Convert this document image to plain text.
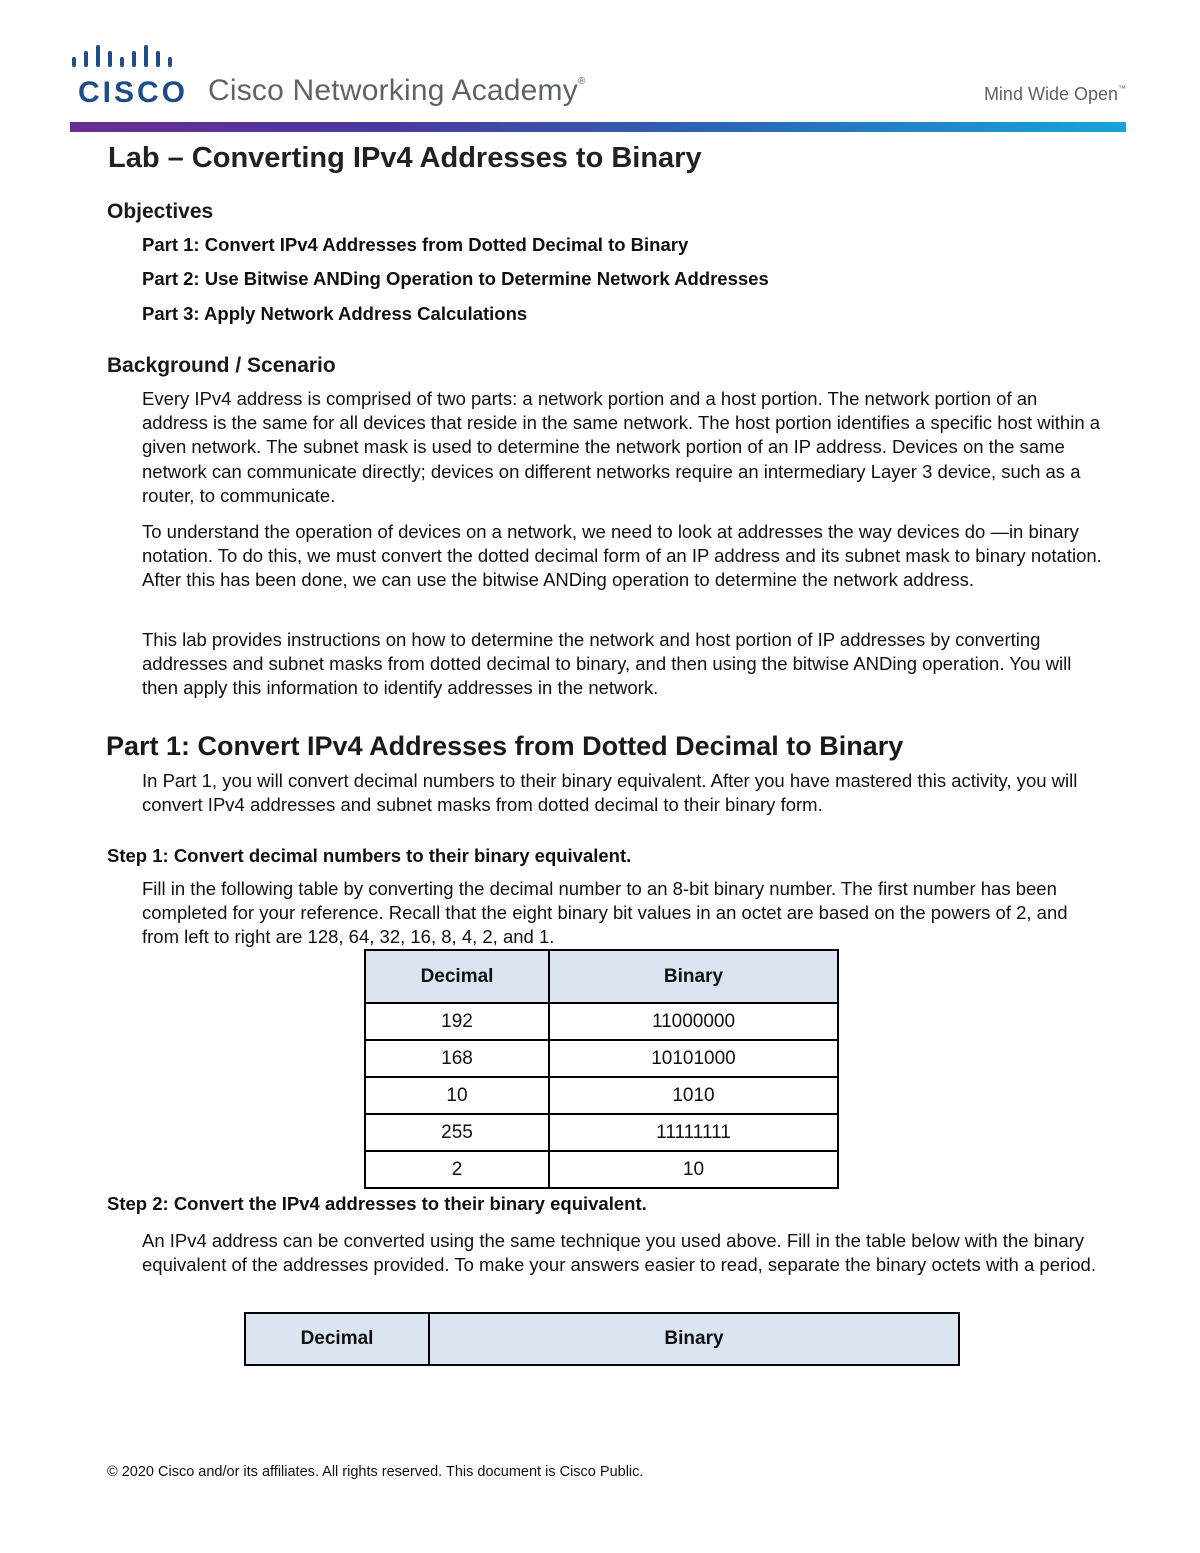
CISCO Cisco Networking Academy®
Mind Wide Open™
Lab – Converting IPv4 Addresses to Binary
Objectives
Part 1: Convert IPv4 Addresses from Dotted Decimal to Binary
Part 2: Use Bitwise ANDing Operation to Determine Network Addresses
Part 3: Apply Network Address Calculations
Background / Scenario

Every IPv4 address is comprised of two parts: a network portion and a host portion. The network portion of an address is the same for all devices that reside in the same network. The host portion identifies a specific host within a given network. The subnet mask is used to determine the network portion of an IP address. Devices on the same network can communicate directly; devices on different networks require an intermediary Layer 3 device, such as a router, to communicate.

To understand the operation of devices on a network, we need to look at addresses the way devices do —in binary notation. To do this, we must convert the dotted decimal form of an IP address and its subnet mask to binary notation. After this has been done, we can use the bitwise ANDing operation to determine the network address.

This lab provides instructions on how to determine the network and host portion of IP addresses by converting addresses and subnet masks from dotted decimal to binary, and then using the bitwise ANDing operation. You will then apply this information to identify addresses in the network.

Part 1: Convert IPv4 Addresses from Dotted Decimal to Binary

In Part 1, you will convert decimal numbers to their binary equivalent. After you have mastered this activity, you will convert IPv4 addresses and subnet masks from dotted decimal to their binary form.

Step 1: Convert decimal numbers to their binary equivalent.

Fill in the following table by converting the decimal number to an 8-bit binary number. The first number has been completed for your reference. Recall that the eight binary bit values in an octet are based on the powers of 2, and from left to right are 128, 64, 32, 16, 8, 4, 2, and 1.

Decimal	Binary
192	11000000
168	10101000
10	1010
255	11111111
2	10
Step 2: Convert the IPv4 addresses to their binary equivalent.

An IPv4 address can be converted using the same technique you used above. Fill in the table below with the binary equivalent of the addresses provided. To make your answers easier to read, separate the binary octets with a period.

Decimal	Binary
© 2020 Cisco and/or its affiliates. All rights reserved. This document is Cisco Public.
